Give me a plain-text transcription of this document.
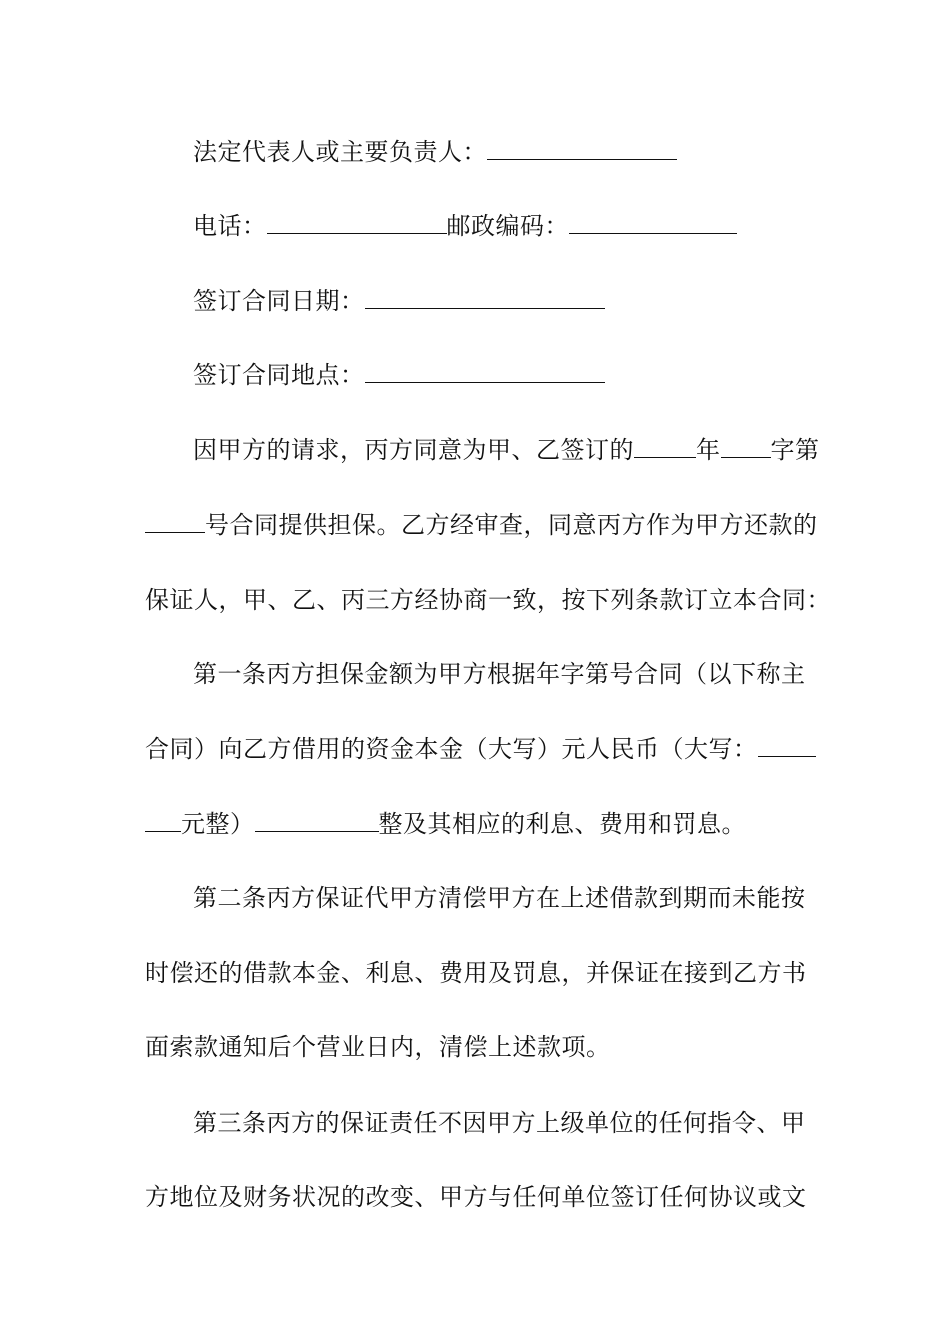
法定代表人或主要负责人：
电话：	邮政编码：
签订合同日期：
签订合同地点：
因甲方的请求，丙方同意为甲、乙签订的	年 字第
号合同提供担保。乙方经审查，同意丙方作为甲方还款的
保证人，甲、乙、丙三方经协商一致，按下列条款订立本合同：
第一条丙方担保金额为甲方根据年字第号合同（以下称主
合同）向乙方借用的资金本金（大写）元人民币（大写：
元整）	整及其相应的利息、费用和罚息。
第二条丙方保证代甲方清偿甲方在上述借款到期而未能按
时偿还的借款本金、利息、费用及罚息，并保证在接到乙方书
面索款通知后个营业日内，清偿上述款项。
第三条丙方的保证责任不因甲方上级单位的任何指令、甲
方地位及财务状况的改变、甲方与任何单位签订任何协议或文
